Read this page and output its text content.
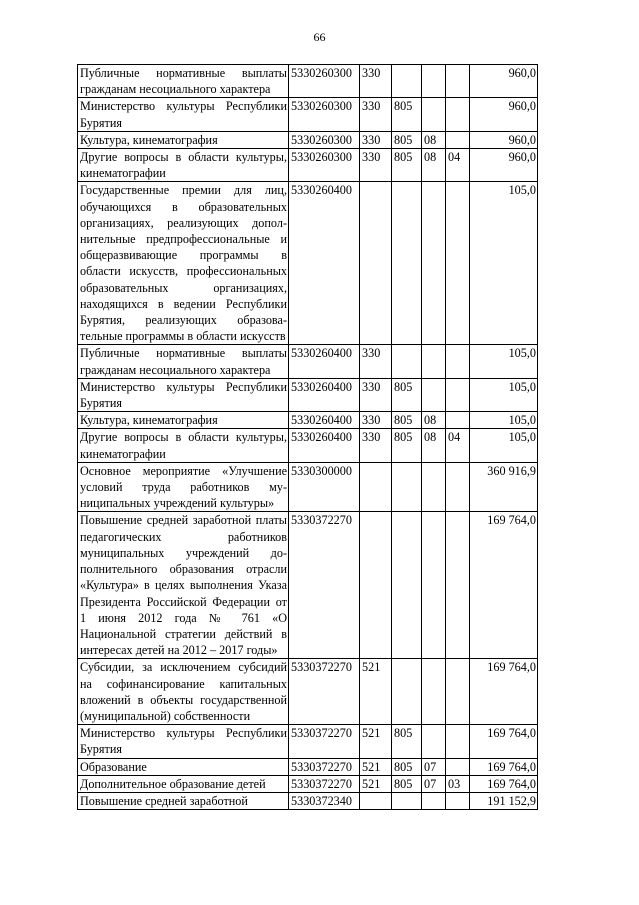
66
Публичные нормативные выплаты гражданам несоциального характера	5330260300	330				960,0
Министерство культуры Республики Бурятия	5330260300	330	805			960,0
Культура, кинематография	5330260300	330	805	08		960,0
Другие вопросы в области культуры, кинематографии	5330260300	330	805	08	04	960,0
Государственные премии для лиц, обучающихся в образовательных организациях, реализующих дополнительные предпрофессиональные и общеразвивающие программы в области искусств, профессиональных образовательных организациях, находящихся в ведении Республики Бурятия, реализующих образовательные программы в области искусств	5330260400					105,0
Публичные нормативные выплаты гражданам несоциального характера	5330260400	330				105,0
Министерство культуры Республики Бурятия	5330260400	330	805			105,0
Культура, кинематография	5330260400	330	805	08		105,0
Другие вопросы в области культуры, кинематографии	5330260400	330	805	08	04	105,0
Основное мероприятие «Улучшение условий труда работников муниципальных учреждений культуры»	5330300000					360 916,9
Повышение средней заработной платы педагогических работников муниципальных учреждений дополнительного образования отрасли «Культура» в целях выполнения Указа Президента Российской Федерации от 1 июня 2012 года № 761 «О Национальной стратегии действий в интересах детей на 2012 – 2017 годы»	5330372270					169 764,0
Субсидии, за исключением субсидий на софинансирование капитальных вложений в объекты государственной (муниципальной) собственности	5330372270	521				169 764,0
Министерство культуры Республики Бурятия	5330372270	521	805			169 764,0
Образование	5330372270	521	805	07		169 764,0
Дополнительное образование детей	5330372270	521	805	07	03	169 764,0
Повышение средней заработной	5330372340					191 152,9
